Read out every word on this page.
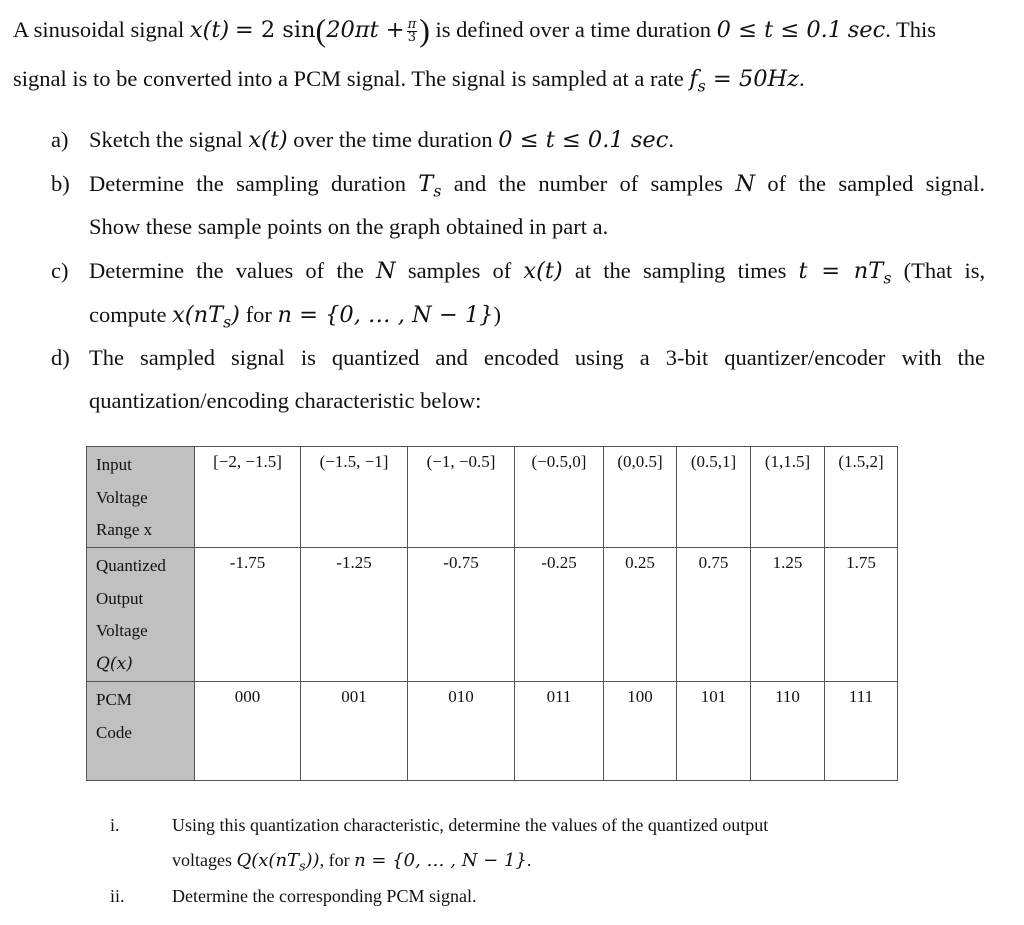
A sinusoidal signal x(t) = 2 $\sin(20\pi t + \frac{\pi}{3}$ ) is defined over a time duration 0 ≤ t ≤ 0.1 sec. This
signal is to be converted into a PCM signal. The signal is sampled at a rate $f_s = 50Hz$.
a) Sketch the signal x(t) over the time duration 0 ≤ t ≤ 0.1 sec.
b) Determine the sampling duration $T_s$ and the number of samples N of the sampled signal.
Show these sample points on the graph obtained in part a.
c) Determine the values of the N samples of x(t) at the sampling times $t = nT_s$ (That is,
compute $x(nT_s)$ for n = {0, … , N − 1})
d) The sampled signal is quantized and encoded using a 3-bit quantizer/encoder with the
quantization/encoding characteristic below:
Input
Voltage
Range x	[−2, −1.5]	(−1.5, −1]	(−1, −0.5]	(−0.5,0]	(0,0.5]	(0.5,1]	(1,1.5]	(1.5,2]

Quantized
Output
Voltage
Q(x)	-1.75	-1.25	-0.75	-0.25	0.25	0.75	1.25	1.75

PCM
Code	000	001	010	011	100	101	110	111
i.	Using this quantization characteristic, determine the values of the quantized output
voltages $Q(x(nT_s))$, for n = {0, … , N − 1}.
ii.	Determine the corresponding PCM signal.
